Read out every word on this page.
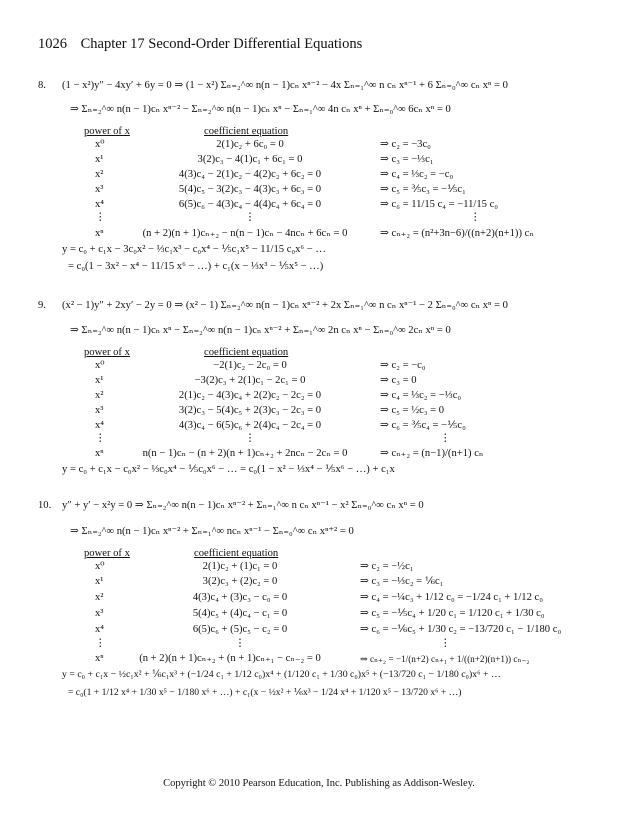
1026 Chapter 17 Second-Order Differential Equations
8. (1 − x²)y″ − 4xy′ + 6y = 0 ⇒ (1 − x²) Σₙ₌₂^∞ n(n − 1)cₙ xⁿ⁻² − 4x Σₙ₌₁^∞ n cₙ xⁿ⁻¹ + 6 Σₙ₌₀^∞ cₙ xⁿ = 0
⇒ Σₙ₌₂^∞ n(n − 1)cₙ xⁿ⁻² − Σₙ₌₂^∞ n(n − 1)cₙ xⁿ − Σₙ₌₁^∞ 4n cₙ xⁿ + Σₙ₌₀^∞ 6cₙ xⁿ = 0
power of x	coefficient equation
x⁰	2(1)c₂ + 6c₀ = 0	⇒ c₂ = −3c₀
x¹	3(2)c₃ − 4(1)c₁ + 6c₁ = 0	⇒ c₃ = −⅓c₁
x²	4(3)c₄ − 2(1)c₂ − 4(2)c₂ + 6c₂ = 0	⇒ c₄ = ⅓c₂ = −c₀
x³	5(4)c₅ − 3(2)c₃ − 4(3)c₃ + 6c₃ = 0	⇒ c₅ = ⅗c₃ = −⅕c₁
x⁴	6(5)c₆ − 4(3)c₄ − 4(4)c₄ + 6c₄ = 0	⇒ c₆ = 11/15 c₄ = −11/15 c₀
⋮	⋮	⋮
xⁿ	(n + 2)(n + 1)cₙ₊₂ − n(n − 1)cₙ − 4ncₙ + 6cₙ = 0	⇒ cₙ₊₂ = (n²+3n−6)/((n+2)(n+1)) cₙ
y = c₀ + c₁x − 3c₀x² − ⅓c₁x³ − c₀x⁴ − ⅕c₁x⁵ − 11/15 c₀x⁶ − …
= c₀(1 − 3x² − x⁴ − 11/15 x⁶ − …) + c₁(x − ⅓x³ − ⅕x⁵ − …)
9. (x² − 1)y″ + 2xy′ − 2y = 0 ⇒ (x² − 1) Σₙ₌₂^∞ n(n − 1)cₙ xⁿ⁻² + 2x Σₙ₌₁^∞ n cₙ xⁿ⁻¹ − 2 Σₙ₌₀^∞ cₙ xⁿ = 0
⇒ Σₙ₌₂^∞ n(n − 1)cₙ xⁿ − Σₙ₌₂^∞ n(n − 1)cₙ xⁿ⁻² + Σₙ₌₁^∞ 2n cₙ xⁿ − Σₙ₌₀^∞ 2cₙ xⁿ = 0
power of x	coefficient equation
x⁰	−2(1)c₂ − 2c₀ = 0	⇒ c₂ = −c₀
x¹	−3(2)c₃ + 2(1)c₁ − 2c₁ = 0	⇒ c₃ = 0
x²	2(1)c₂ − 4(3)c₄ + 2(2)c₂ − 2c₂ = 0	⇒ c₄ = ⅓c₂ = −⅓c₀
x³	3(2)c₃ − 5(4)c₅ + 2(3)c₃ − 2c₃ = 0	⇒ c₅ = ½c₃ = 0
x⁴	4(3)c₄ − 6(5)c₆ + 2(4)c₄ − 2c₄ = 0	⇒ c₆ = ⅗c₄ = −⅕c₀
⋮	⋮	⋮
xⁿ	n(n − 1)cₙ − (n + 2)(n + 1)cₙ₊₂ + 2ncₙ − 2cₙ = 0	⇒ cₙ₊₂ = (n−1)/(n+1) cₙ
y = c₀ + c₁x − c₀x² − ⅓c₀x⁴ − ⅕c₀x⁶ − … = c₀(1 − x² − ⅓x⁴ − ⅕x⁶ − …) + c₁x
10. y″ + y′ − x²y = 0 ⇒ Σₙ₌₂^∞ n(n − 1)cₙ xⁿ⁻² + Σₙ₌₁^∞ n cₙ xⁿ⁻¹ − x² Σₙ₌₀^∞ cₙ xⁿ = 0
⇒ Σₙ₌₂^∞ n(n − 1)cₙ xⁿ⁻² + Σₙ₌₁^∞ ncₙ xⁿ⁻¹ − Σₙ₌₀^∞ cₙ xⁿ⁺² = 0
power of x	coefficient equation
x⁰	2(1)c₂ + (1)c₁ = 0	⇒ c₂ = −½c₁
x¹	3(2)c₃ + (2)c₂ = 0	⇒ c₃ = −⅓c₂ = ⅙c₁
x²	4(3)c₄ + (3)c₃ − c₀ = 0	⇒ c₄ = −¼c₃ + 1/12 c₀ = −1/24 c₁ + 1/12 c₀
x³	5(4)c₅ + (4)c₄ − c₁ = 0	⇒ c₅ = −⅕c₄ + 1/20 c₁ = 1/120 c₁ + 1/30 c₀
x⁴	6(5)c₆ + (5)c₅ − c₂ = 0	⇒ c₆ = −⅙c₅ + 1/30 c₂ = −13/720 c₁ − 1/180 c₀
⋮	⋮	⋮
xⁿ	(n + 2)(n + 1)cₙ₊₂ + (n + 1)cₙ₊₁ − cₙ₋₂ = 0	⇒ cₙ₊₂ = −1/(n+2) cₙ₊₁ + 1/((n+2)(n+1)) cₙ₋₂
y = c₀ + c₁x − ½c₁x² + ⅙c₁x³ + (−1/24 c₁ + 1/12 c₀)x⁴ + (1/120 c₁ + 1/30 c₀)x⁵ + (−13/720 c₁ − 1/180 c₀)x⁶ + …
= c₀(1 + 1/12 x⁴ + 1/30 x⁵ − 1/180 x⁶ + …) + c₁(x − ½x² + ⅙x³ − 1/24 x⁴ + 1/120 x⁵ − 13/720 x⁶ + …)
Copyright © 2010 Pearson Education, Inc. Publishing as Addison-Wesley.
